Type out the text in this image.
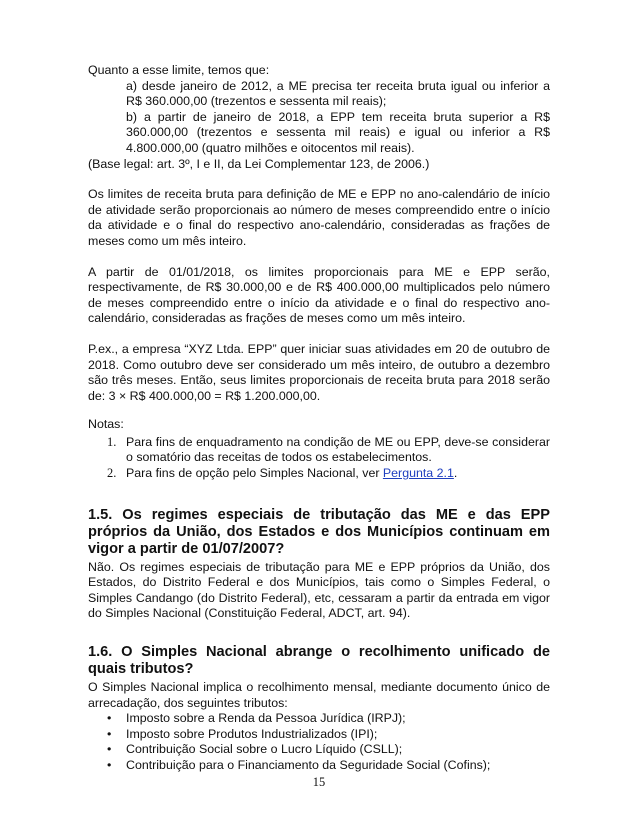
Quanto a esse limite, temos que:

a) desde janeiro de 2012, a ME precisa ter receita bruta igual ou inferior a R$ 360.000,00 (trezentos e sessenta mil reais);

b) a partir de janeiro de 2018, a EPP tem receita bruta superior a R$ 360.000,00 (trezentos e sessenta mil reais) e igual ou inferior a R$ 4.800.000,00 (quatro milhões e oitocentos mil reais).

(Base legal: art. 3º, I e II, da Lei Complementar 123, de 2006.)

Os limites de receita bruta para definição de ME e EPP no ano-calendário de início de atividade serão proporcionais ao número de meses compreendido entre o início da atividade e o final do respectivo ano-calendário, consideradas as frações de meses como um mês inteiro.

A partir de 01/01/2018, os limites proporcionais para ME e EPP serão, respectivamente, de R$ 30.000,00 e de R$ 400.000,00 multiplicados pelo número de meses compreendido entre o início da atividade e o final do respectivo ano-calendário, consideradas as frações de meses como um mês inteiro.

P.ex., a empresa “XYZ Ltda. EPP” quer iniciar suas atividades em 20 de outubro de 2018. Como outubro deve ser considerado um mês inteiro, de outubro a dezembro são três meses. Então, seus limites proporcionais de receita bruta para 2018 serão de: 3 × R$ 400.000,00 = R$ 1.200.000,00.

Notas:

1. Para fins de enquadramento na condição de ME ou EPP, deve-se considerar o somatório das receitas de todos os estabelecimentos.
2. Para fins de opção pelo Simples Nacional, ver Pergunta 2.1.
1.5. Os regimes especiais de tributação das ME e das EPP próprios da União, dos Estados e dos Municípios continuam em vigor a partir de 01/07/2007?

Não. Os regimes especiais de tributação para ME e EPP próprios da União, dos Estados, do Distrito Federal e dos Municípios, tais como o Simples Federal, o Simples Candango (do Distrito Federal), etc, cessaram a partir da entrada em vigor do Simples Nacional (Constituição Federal, ADCT, art. 94).

1.6. O Simples Nacional abrange o recolhimento unificado de quais tributos?

O Simples Nacional implica o recolhimento mensal, mediante documento único de arrecadação, dos seguintes tributos:

• Imposto sobre a Renda da Pessoa Jurídica (IRPJ);
• Imposto sobre Produtos Industrializados (IPI);
• Contribuição Social sobre o Lucro Líquido (CSLL);
• Contribuição para o Financiamento da Seguridade Social (Cofins);
15
